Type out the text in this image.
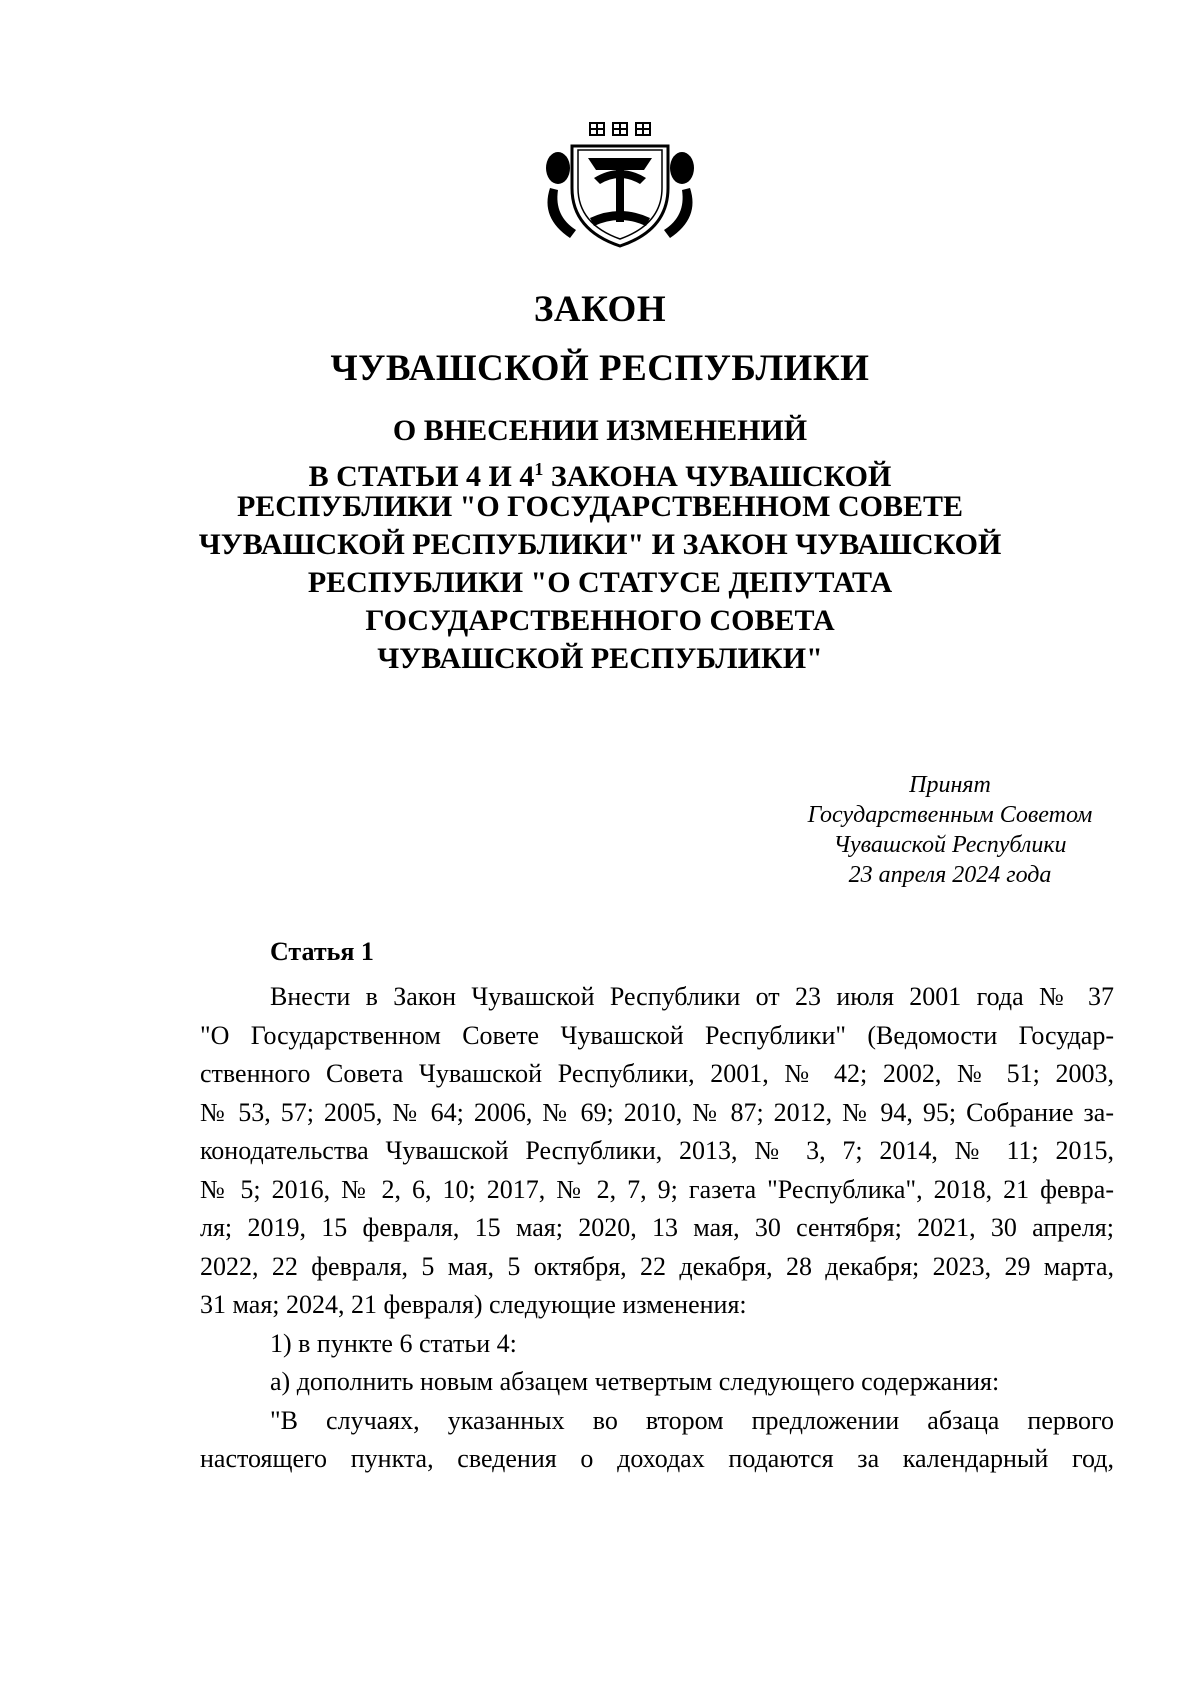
ЗАКОН
ЧУВАШСКОЙ РЕСПУБЛИКИ
О ВНЕСЕНИИ ИЗМЕНЕНИЙ
В СТАТЬИ 4 И $4^1$ ЗАКОНА ЧУВАШСКОЙ
РЕСПУБЛИКИ "О ГОСУДАРСТВЕННОМ СОВЕТЕ
ЧУВАШСКОЙ РЕСПУБЛИКИ" И ЗАКОН ЧУВАШСКОЙ
РЕСПУБЛИКИ "О СТАТУСЕ ДЕПУТАТА
ГОСУДАРСТВЕННОГО СОВЕТА
ЧУВАШСКОЙ РЕСПУБЛИКИ"
Принят
Государственным Советом
Чувашской Республики
23 апреля 2024 года
Статья 1
Внести в Закон Чувашской Республики от 23 июля 2001 года № 37
"О Государственном Совете Чувашской Республики" (Ведомости Государ-
ственного Совета Чувашской Республики, 2001, № 42; 2002, № 51; 2003,
№ 53, 57; 2005, № 64; 2006, № 69; 2010, № 87; 2012, № 94, 95; Собрание за-
конодательства Чувашской Республики, 2013, № 3, 7; 2014, № 11; 2015,
№ 5; 2016, № 2, 6, 10; 2017, № 2, 7, 9; газета "Республика", 2018, 21 февра-
ля; 2019, 15 февраля, 15 мая; 2020, 13 мая, 30 сентября; 2021, 30 апреля;
2022, 22 февраля, 5 мая, 5 октября, 22 декабря, 28 декабря; 2023, 29 марта,
31 мая; 2024, 21 февраля) следующие изменения:
1) в пункте 6 статьи 4:
а) дополнить новым абзацем четвертым следующего содержания:
"В случаях, указанных во втором предложении абзаца первого
настоящего пункта, сведения о доходах подаются за календарный год,
